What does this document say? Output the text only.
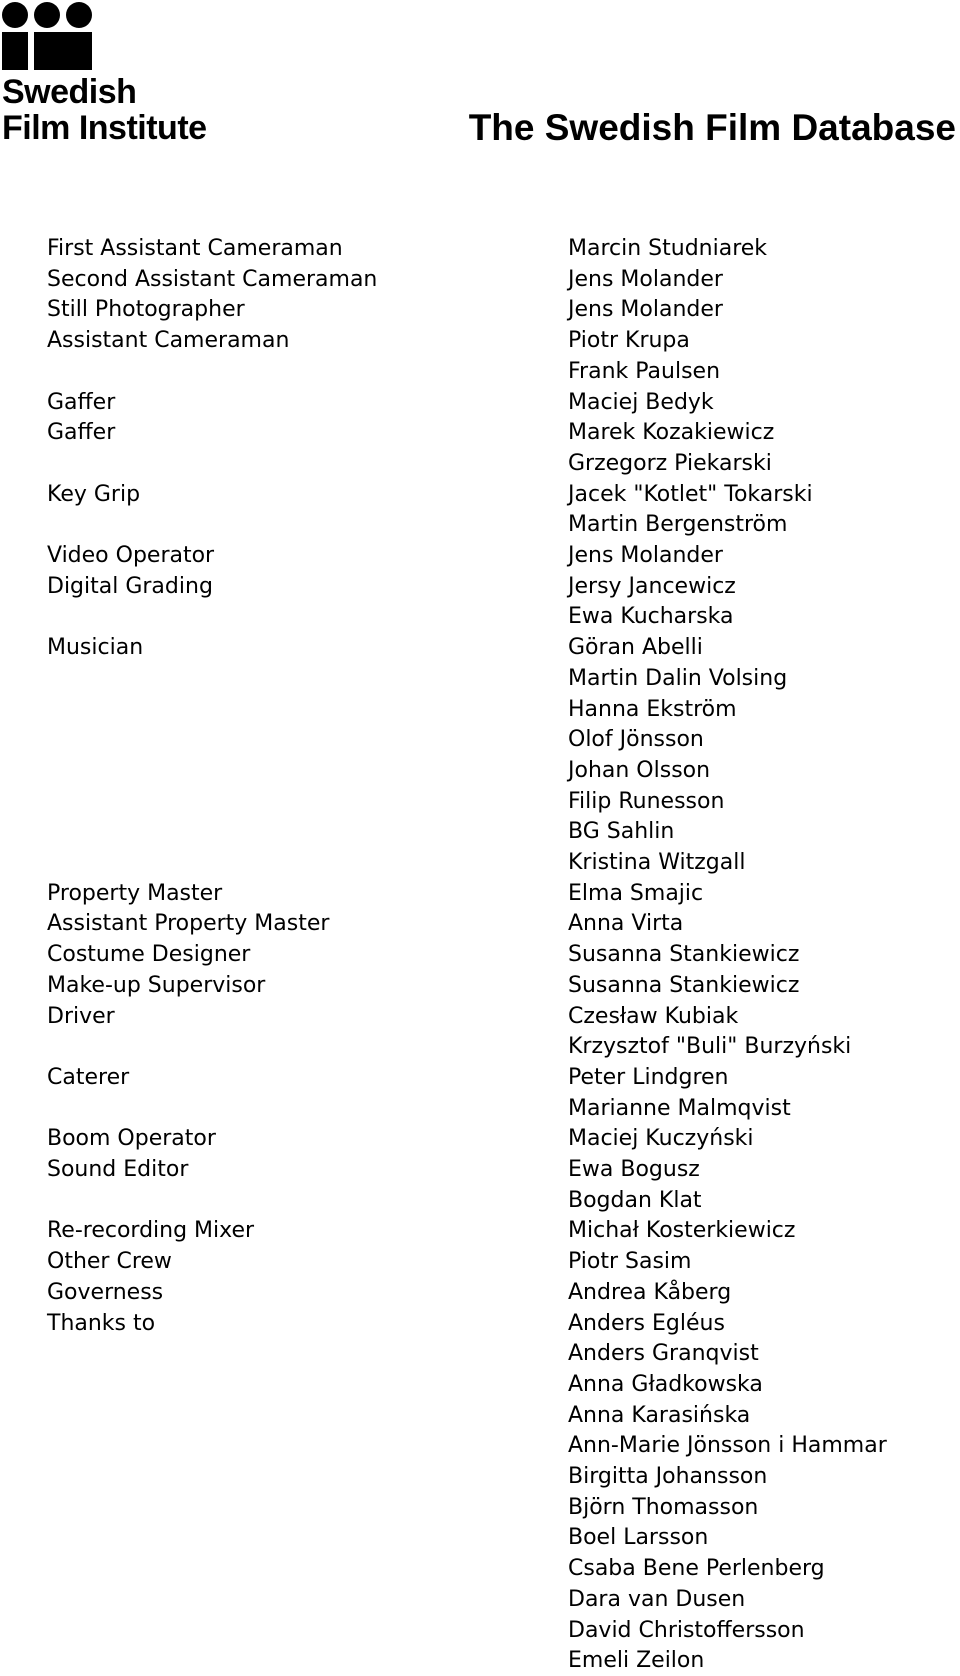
Swedish
Film Institute	The Swedish Film Database
First Assistant Cameraman	Marcin Studniarek
Second Assistant Cameraman	Jens Molander
Still Photographer	Jens Molander
Assistant Cameraman	Piotr Krupa
Frank Paulsen
Gaffer	Maciej Bedyk
Gaffer	Marek Kozakiewicz
Grzegorz Piekarski
Key Grip	Jacek "Kotlet" Tokarski
Martin Bergenström
Video Operator	Jens Molander
Digital Grading	Jersy Jancewicz
Ewa Kucharska
Musician	Göran Abelli
Martin Dalin Volsing
Hanna Ekström
Olof Jönsson
Johan Olsson
Filip Runesson
BG Sahlin
Kristina Witzgall
Property Master	Elma Smajic
Assistant Property Master	Anna Virta
Costume Designer	Susanna Stankiewicz
Make-up Supervisor	Susanna Stankiewicz
Driver	Czesław Kubiak
Krzysztof "Buli" Burzyński
Caterer	Peter Lindgren
Marianne Malmqvist
Boom Operator	Maciej Kuczyński
Sound Editor	Ewa Bogusz
Bogdan Klat
Re-recording Mixer	Michał Kosterkiewicz
Other Crew	Piotr Sasim
Governess	Andrea Kåberg
Thanks to	Anders Egléus
Anders Granqvist
Anna Gładkowska
Anna Karasińska
Ann-Marie Jönsson i Hammar
Birgitta Johansson
Björn Thomasson
Boel Larsson
Csaba Bene Perlenberg
Dara van Dusen
David Christoffersson
Emeli Zeilon
